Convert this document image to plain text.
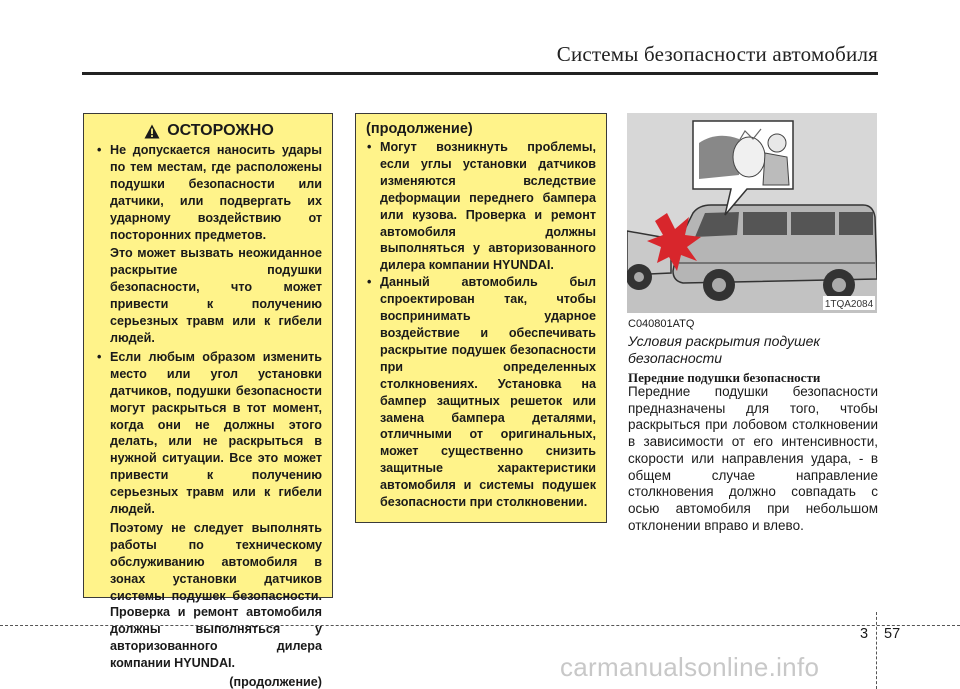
Системы безопасности автомобиля
ОСТОРОЖНО

• Не допускается наносить удары по тем местам, где расположены подушки безопасности или датчики, или подвергать их ударному воздействию от посторонних предметов.

Это может вызвать неожиданное раскрытие подушки безопасности, что может привести к получению серьезных травм или к гибели людей.

• Если любым образом изменить место или угол установки датчиков, подушки безопасности могут раскрыться в тот момент, когда они не должны этого делать, или не раскрыться в нужной ситуации. Все это может привести к получению серьезных травм или к гибели людей.

Поэтому не следует выполнять работы по техническому обслуживанию автомобиля в зонах установки датчиков системы подушек безопасности. Проверка и ремонт автомобиля должны выполняться у авторизованного дилера компании HYUNDAI.

(продолжение)
(продолжение)
• Могут возникнуть проблемы, если углы установки датчиков изменяются вследствие деформации переднего бампера или кузова. Проверка и ремонт автомобиля должны выполняться у авторизованного дилера компании HYUNDAI.
• Данный автомобиль был спроектирован так, чтобы воспринимать ударное воздействие и обеспечивать раскрытие подушек безопасности при определенных столкновениях. Установка на бампер защитных решеток или замена бампера деталями, отличными от оригинальных, может существенно снизить защитные характеристики автомобиля и системы подушек безопасности при столкновении.
1TQA2084
C040801ATQ
Условия раскрытия подушек безопасности
Передние подушки безопасности

Передние подушки безопасности предназначены для того, чтобы раскрыться при лобовом столкновении в зависимости от его интенсивности, скорости или направления удара, - в общем случае направление столкновения должно совпадать с осью автомобиля при небольшом отклонении вправо и влево.

3 57
carmanualsonline.info
